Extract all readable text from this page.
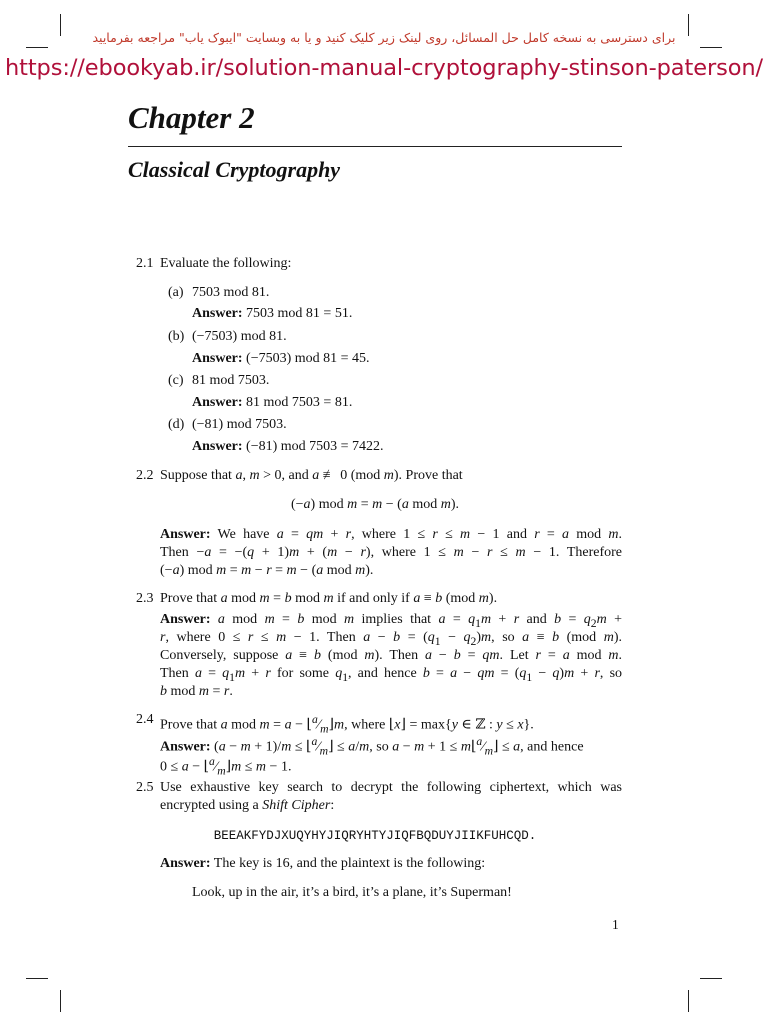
برای دسترسی به نسخه کامل حل المسائل، روی لینک زیر کلیک کنید و یا به وبسایت "ایبوک یاب" مراجعه بفرمایید
https://ebookyab.ir/solution-manual-cryptography-stinson-paterson/
Chapter 2
Classical Cryptography
2.1 Evaluate the following:
(a) 7503 mod 81.
Answer: 7503 mod 81 = 51.
(b) (−7503) mod 81.
Answer: (−7503) mod 81 = 45.
(c) 81 mod 7503.
Answer: 81 mod 7503 = 81.
(d) (−81) mod 7503.
Answer: (−81) mod 7503 = 7422.
2.2 Suppose that a, m > 0, and a ≢ 0 (mod m). Prove that
(−a) mod m = m − (a mod m).
Answer: We have a = qm + r, where 1 ≤ r ≤ m − 1 and r = a mod m.
Then −a = −(q + 1)m + (m − r), where 1 ≤ m − r ≤ m − 1. Therefore
(−a) mod m = m − r = m − (a mod m).
2.3 Prove that a mod m = b mod m if and only if a ≡ b (mod m).
Answer: a mod m = b mod m implies that $a = q_1m + r$ and $b = q_2m$ +
r, where 0 ≤ r ≤ m − 1. Then $a - b = (q_1 - q_2)m$, so a ≡ b (mod m).
Conversely, suppose a ≡ b (mod m). Then a − b = qm. Let r = a mod m.
Then $a = q_1m + r$ for some $q_1$, and hence b = a − qm = $(q_1 - q)m + r$, so
b mod m = r.
2.4 Prove that a mod $m = a - ⌊^a⁄_m⌋m$, where ⌊x⌋ = max{y ∈ ℤ : y ≤ x}.
Answer: $(a - m + 1)/m \le ⌊^a⁄_m⌋ \le a/m$, so $a - m + 1 \le m⌊^a⁄_m⌋ \le a$, and hence
$0 \le a - ⌊^a⁄_m⌋m \le m - 1$.
2.5 Use exhaustive key search to decrypt the following ciphertext, which was
encrypted using a Shift Cipher:
BEEAKFYDJXUQYHYJIQRYHTYJIQFBQDUYJIIKFUHCQD.
Answer: The key is 16, and the plaintext is the following:
Look, up in the air, it’s a bird, it’s a plane, it’s Superman!
1
